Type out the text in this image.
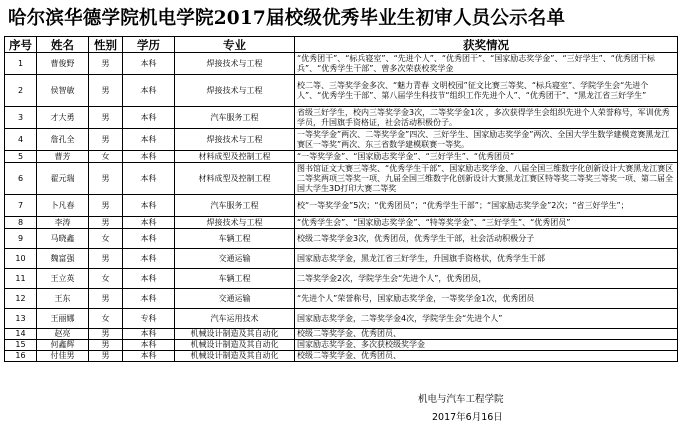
哈尔滨华德学院机电学院2017届校级优秀毕业生初审人员公示名单
序号	姓名	性别	学历	专业	获奖情况
1	曹俊野	男	本科	焊接技术与工程	“优秀团干”、“标兵寝室”、“先进个人”、“优秀团干”、“国家励志奖学金”、“三好学生”、“优秀团干标兵”、“优秀学生干部”、曾多次荣获校奖学金
2	侯智敏	男	本科	焊接技术与工程	校二等、三等奖学金多次、“魅力青春 文明校园”征文比赛三等奖、“标兵寝室”、学院学生会“先进个人”、“优秀学生干部”、第八届学生科技节“组织工作先进个人”、“优秀团干”、“黑龙江省三好学生”
3	才大勇	男	本科	汽车服务工程	省级三好学生，校内三等奖学金3次，二等奖学金1次 ，多次获得学生会组织先进个人荣誉称号，军训优秀学员，升国旗手资格证，社会活动积极份子。
4	詹孔全	男	本科	焊接技术与工程	一等奖学金”两次、二等奖学金”四次、三好学生、国家励志奖学金”两次、全国大学生数学建模竞赛黑龙江赛区一等奖”两次、东三省数学建模联赛一等奖。
5	曹芳	女	本科	材料成型及控制工程	“一等奖学金”、“国家励志奖学金”、“三好学生”、“优秀团员”
6	翟元瑞	男	本科	材料成型及控制工程	图书馆证文大赛三等奖、“优秀学生干部”、国家励志奖学金、八届全国三维数字化创新设计大赛黑龙江赛区二等奖两项三等奖一项、九届全国三维数字化创新设计大赛黑龙江赛区特等奖二等奖三等奖一项、第二届全国大学生3D打印大赛二等奖
7	卜凡春	男	本科	汽车服务工程	校“一等奖学金”5次；“优秀团员”；“优秀学生干部”；“国家励志奖学金”2次；“省三好学生”；
8	李涛	男	本科	焊接技术与工程	“优秀学生会”、“国家励志奖学金”、“特等奖学金”、“三好学生”、“优秀团员”
9	马晓鑫	女	本科	车辆工程	校级二等奖学金3次，优秀团员，优秀学生干部，社会活动积极分子
10	魏富强	男	本科	交通运输	国家励志奖学金，黑龙江省三好学生，升国旗手资格状，优秀学生干部
11	王立英	女	本科	车辆工程	二等奖学金2次，学院学生会“先进个人”，优秀团员，
12	王东	男	本科	交通运输	“先进个人”荣誉称号，国家励志奖学金，一等奖学金1次，优秀团员
13	王丽娜	女	专科	汽车运用技术	国家励志奖学金，二等奖学金4次，学院学生会“先进个人”
14	赵亮	男	本科	机械设计制造及其自动化	校级二等奖学金、优秀团员、
15	何鑫辉	男	本科	机械设计制造及其自动化	国家励志奖学金、多次获校级奖学金
16	付佳男	男	本科	机械设计制造及其自动化	校级二等奖学金、优秀团员、
机电与汽车工程学院
2017年6月16日
